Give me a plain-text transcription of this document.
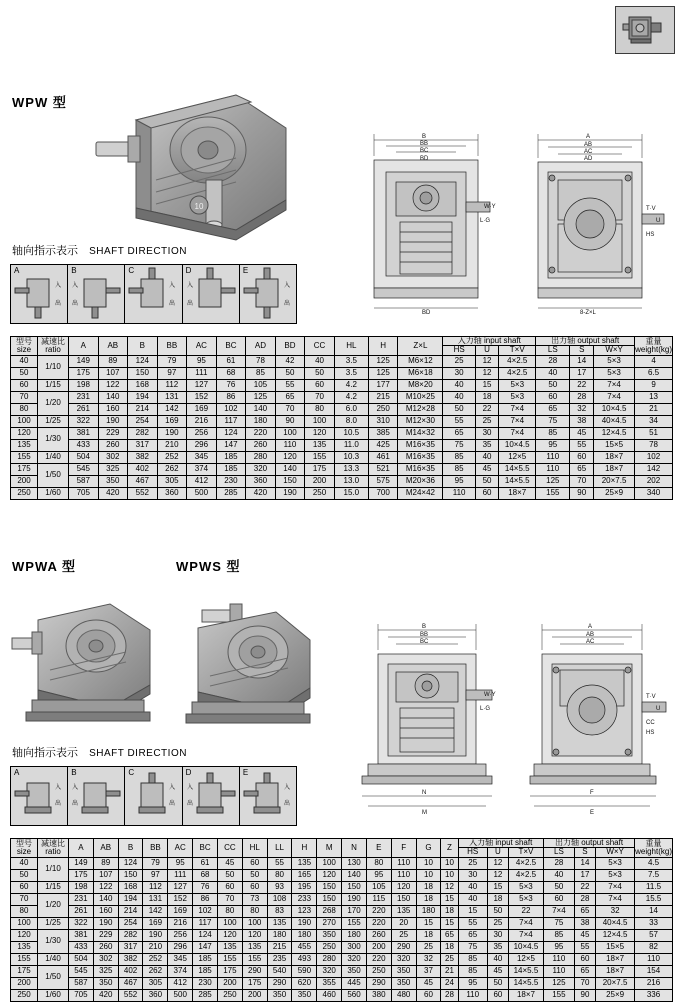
WPW 型
10
轴向指示表示 SHAFT DIRECTION
A
入
出
B
入
出
C
入
出
D
入
出
E
入
出
B
BB
BC
BD
BD
W·Y
L·G
A
AB
AC
AD
8-Z×L
T·V
U
HS
型号
size	减速比
ratio	A	AB	B	BB	AC	BC	AD	BD	CC	HL	H	Z×L	入力轴 input shaft			出力轴 output shaft			重量
weight(kg)
														HS	U	T×V	LS	S	W×Y	
40	1/10	149	89	124	79	95	61	78	42	40	3.5	125	M6×12	25	12	4×2.5	28	14	5×3	4
50		175	107	150	97	111	68	85	50	50	3.5	125	M6×18	30	12	4×2.5	40	17	5×3	6.5
60	1/15	198	122	168	112	127	76	105	55	60	4.2	177	M8×20	40	15	5×3	50	22	7×4	9
70	1/20	231	140	194	131	152	86	125	65	70	4.2	215	M10×25	40	18	5×3	60	28	7×4	13
80		261	160	214	142	169	102	140	70	80	6.0	250	M12×28	50	22	7×4	65	32	10×4.5	21
100	1/25	322	190	254	169	216	117	180	90	100	8.0	310	M12×30	55	25	7×4	75	38	40×4.5	34
120	1/30	381	229	282	190	256	124	220	100	120	10.5	385	M14×32	65	30	7×4	85	45	12×4.5	51
135		433	260	317	210	296	147	260	110	135	11.0	425	M16×35	75	35	10×4.5	95	55	15×5	78
155	1/40	504	302	382	252	345	185	280	120	155	10.3	461	M16×35	85	40	12×5	110	60	18×7	102
175	1/50	545	325	402	262	374	185	320	140	175	13.3	521	M16×35	85	45	14×5.5	110	65	18×7	142
200		587	350	467	305	412	230	360	150	200	13.0	575	M20×36	95	50	14×5.5	125	70	20×7.5	202
250	1/60	705	420	552	360	500	285	420	190	250	15.0	700	M24×42	110	60	18×7	155	90	25×9	340
WPWA 型	WPWS 型
轴向指示表示 SHAFT DIRECTION
A
入
出
B
入
出
C
入
出
D
入
出
E
入
出
B
BB
BC
N
M
W·Y
L·G
A
AB
AC
F
E
T·V
U
CC
HS
型号
size	减速比
ratio	A	AB	B	BB	AC	BC	CC	HL	LL	H	M	N	E	F	G	Z	入力轴 input shaft			出力轴 output shaft			重量
weight(kg)
																		HS	U	T×V	LS	S	W×Y	
40	1/10	149	89	124	79	95	61	45	60	55	135	100	130	80	110	10	10	25	12	4×2.5	28	14	5×3	4.5
50		175	107	150	97	111	68	50	50	80	165	120	140	95	110	10	10	30	12	4×2.5	40	17	5×3	7.5
60	1/15	198	122	168	112	127	76	60	60	93	195	150	150	105	120	18	12	40	15	5×3	50	22	7×4	11.5
70	1/20	231	140	194	131	152	86	70	73	108	233	150	190	115	150	18	15	40	18	5×3	60	28	7×4	15.5
80		261	160	214	142	169	102	80	80	83	123	268	170	220	135	180	18	15	50	22	7×4	65	32	14
100	1/25	322	190	254	169	216	117	100	100	135	190	270	155	220	20	15	15	55	25	7×4	75	38	40×4.5	33
120	1/30	381	229	282	190	256	124	120	120	180	180	350	180	260	25	18	65	65	30	7×4	85	45	12×4.5	57
135		433	260	317	210	296	147	135	135	215	455	250	300	200	290	25	18	75	35	10×4.5	95	55	15×5	82
155	1/40	504	302	382	252	345	185	155	155	235	493	280	320	220	320	32	25	85	40	12×5	110	60	18×7	110
175	1/50	545	325	402	262	374	185	175	290	540	590	320	350	250	350	37	21	85	45	14×5.5	110	65	18×7	154
200		587	350	467	305	412	230	200	175	290	620	355	445	290	350	45	24	95	50	14×5.5	125	70	20×7.5	216
250	1/60	705	420	552	360	500	285	250	200	350	350	460	560	380	480	60	28	110	60	18×7	155	90	25×9	336
